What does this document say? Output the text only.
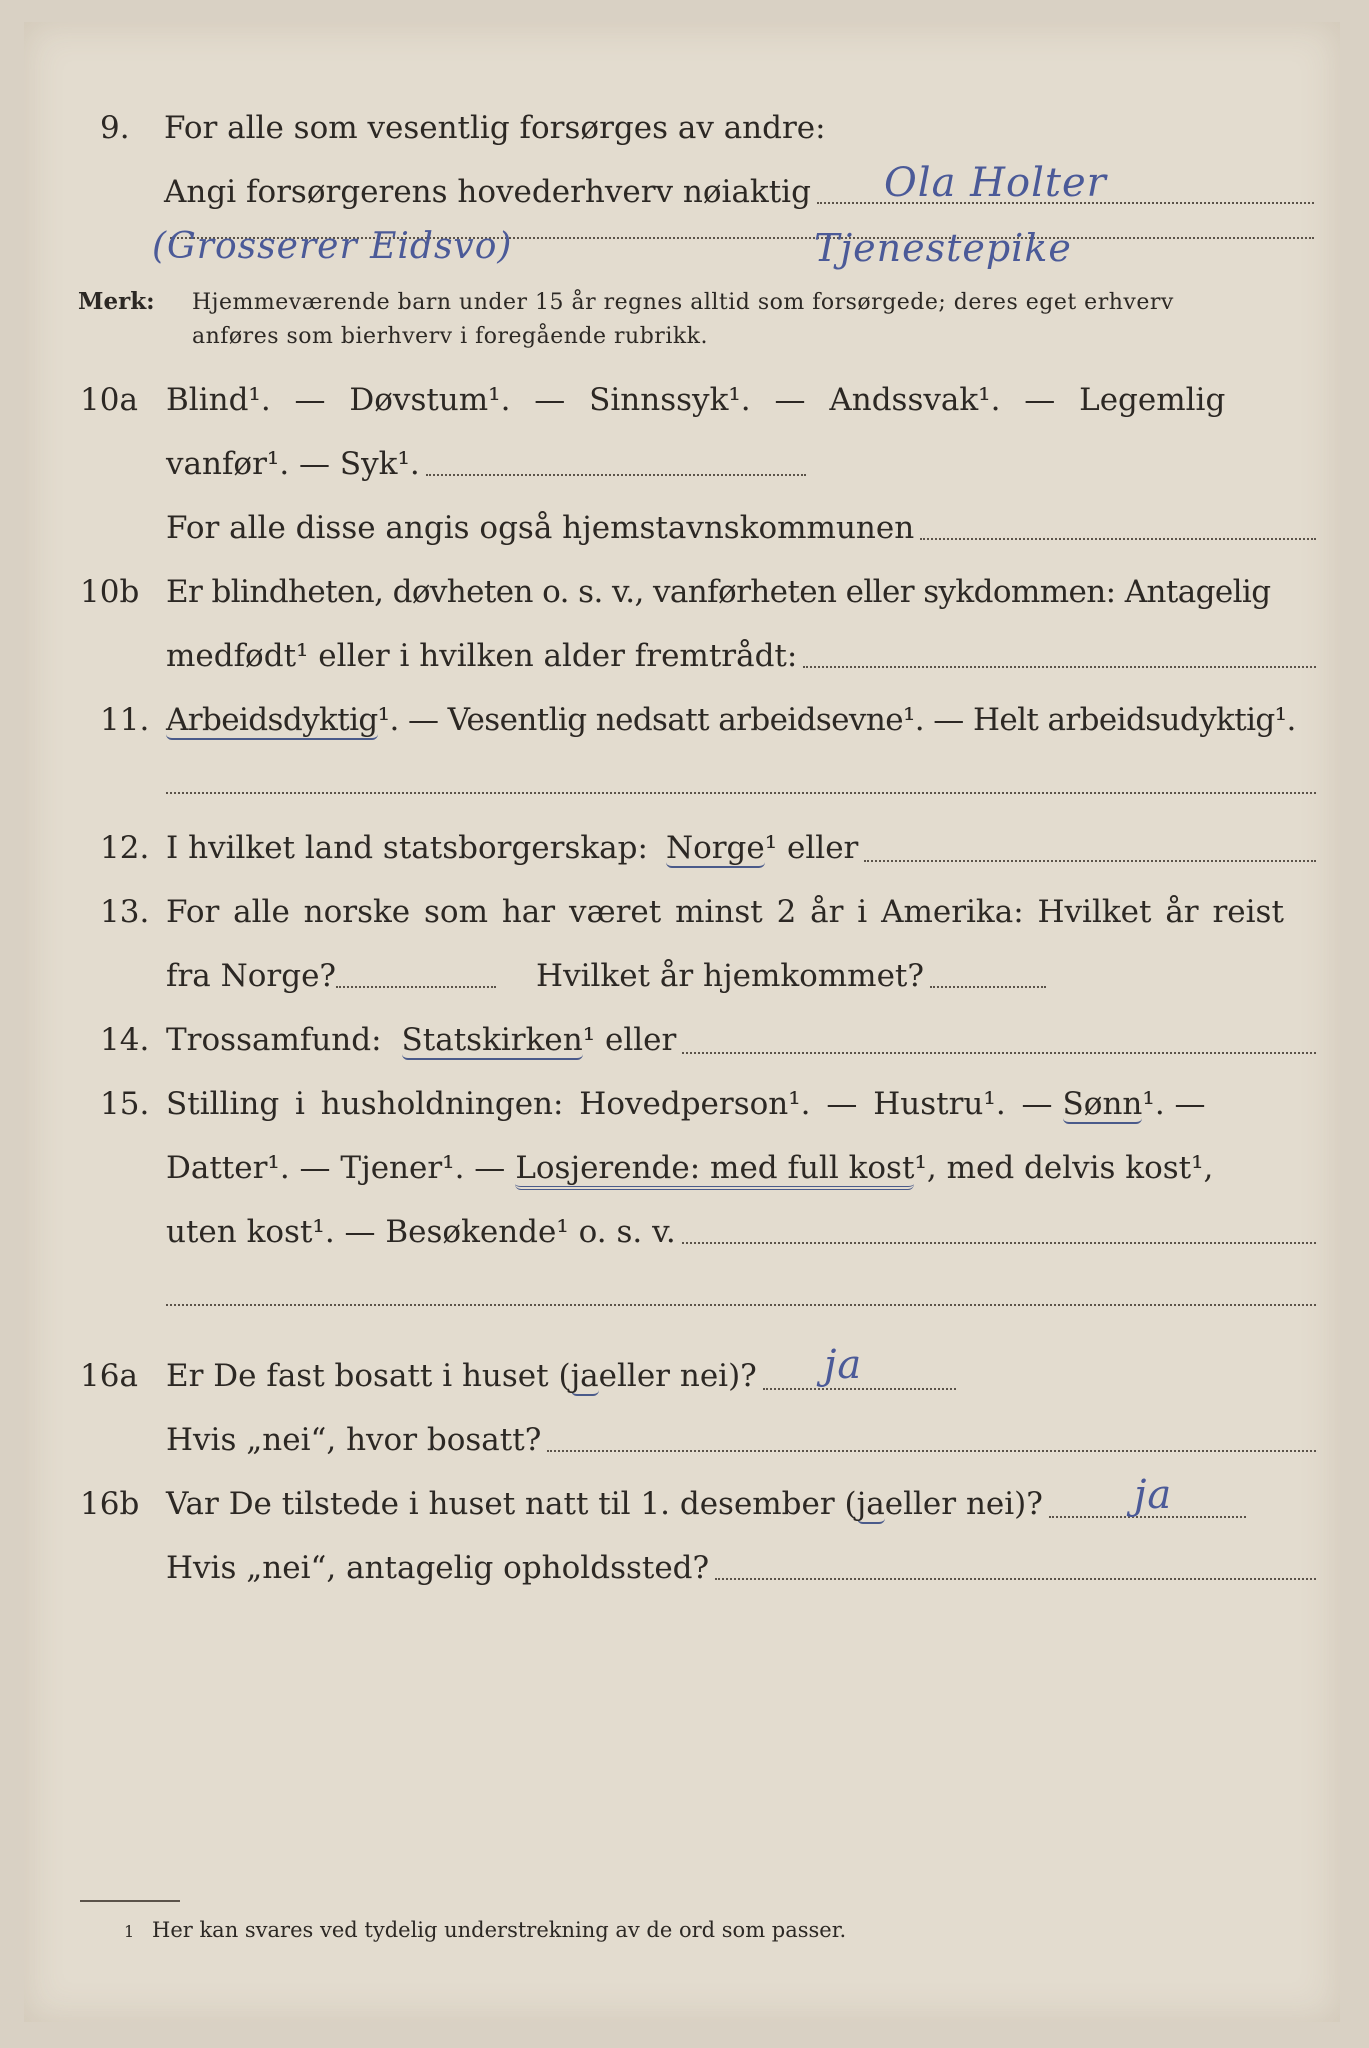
9. For alle som vesentlig forsørges av andre:
Angi forsørgerens hovederhverv nøiaktig Ola Holter
(Grosserer Eidsvo)	Tjenestepike
Merk: Hjemmeværende barn under 15 år regnes alltid som forsørgede; deres eget erhverv
anføres som bierhverv i foregående rubrikk.
10a Blind¹. — Døvstum¹. — Sinnssyk¹. — Andssvak¹. — Legemlig
vanfør¹. — Syk¹.
For alle disse angis også hjemstavnskommunen
10b Er blindheten, døvheten o. s. v., vanførheten eller sykdommen: Antagelig
medfødt¹ eller i hvilken alder fremtrådt:
11. Arbeidsdyktig ¹. — Vesentlig nedsatt arbeidsevne¹. — Helt arbeidsudyktig¹.
12. I hvilket land statsborgerskap: Norge ¹ eller
13. For alle norske som har været minst 2 år i Amerika: Hvilket år reist
fra Norge?	Hvilket år hjemkommet?
14. Trossamfund: Statskirken ¹ eller
15. Stilling i husholdningen: Hovedperson¹. — Hustru¹. — Sønn ¹. —
Datter¹. — Tjener¹. — Losjerende: med full kost ¹, med delvis kost¹,
uten kost¹. — Besøkende¹ o. s. v.
16a Er De fast bosatt i huset ( ja eller nei)? ja
Hvis „nei“, hvor bosatt?
16b Var De tilstede i huset natt til 1. desember ( ja eller nei)? ja
Hvis „nei“, antagelig opholdssted?
1 Her kan svares ved tydelig understrekning av de ord som passer.
